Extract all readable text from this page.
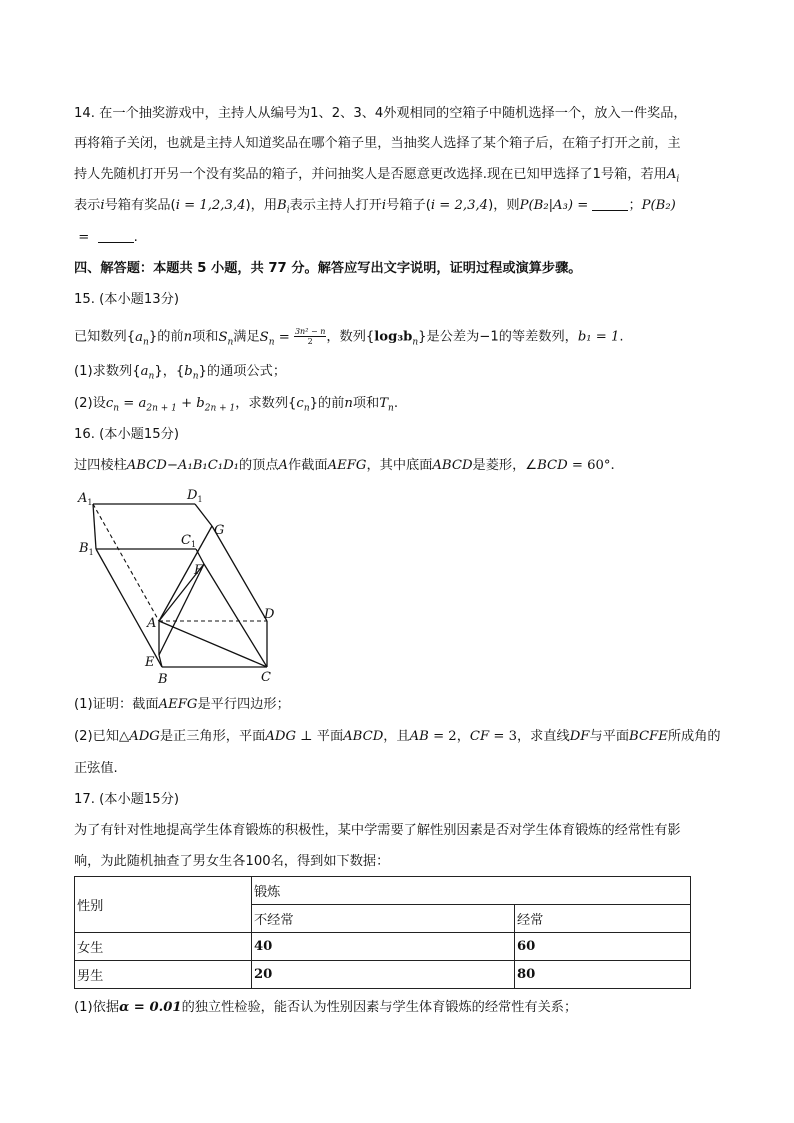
14. 在一个抽奖游戏中，主持人从编号为1、2、3、4外观相同的空箱子中随机选择一个，放入一件奖品，
再将箱子关闭，也就是主持人知道奖品在哪个箱子里，当抽奖人选择了某个箱子后，在箱子打开之前，主
持人先随机打开另一个没有奖品的箱子，并问抽奖人是否愿意更改选择.现在已知甲选择了1号箱，若用$A_i$
表示i号箱有奖品(i = 1,2,3,4)，用$B_i$表示主持人打开i号箱子(i = 2,3,4)，则P(B₂|A₃) =	；P(B₂)
=	.
四、解答题：本题共 5 小题，共 77 分。解答应写出文字说明，证明过程或演算步骤。
15. (本小题13分)
已知数列$\{a_n\}$的前n项和$S_n$满足$S_n = \frac{\text{3n² − n}}{2}$ ，数列$\{\log_3b_n\}$是公差为−1的等差数列，b₁ = 1.
(1)求数列$\{a_n\}$，$\{b_n\}$的通项公式；
(2)设$c_n = a_{2n + 1} + b_{2n + 1}$，求数列$\{c_n\}$的前n项和$T_n$.
16. (本小题15分)
过四棱柱ABCD−A₁B₁C₁D₁的顶点A作截面AEFG，其中底面ABCD是菱形，∠BCD = 60°.
$A_1$	$D_1$
$B_1$
$C_1$
G
F
D
A
E
B	C
(1)证明：截面AEFG是平行四边形；
(2)已知△ADG是正三角形，平面ADG ⊥ 平面ABCD，且AB = 2，CF = 3，求直线DF与平面BCFE所成角的
正弦值.
17. (本小题15分)
为了有针对性地提高学生体育锻炼的积极性，某中学需要了解性别因素是否对学生体育锻炼的经常性有影
响，为此随机抽查了男女生各100名，得到如下数据：
性别	锻炼	
	不经常	经常
女生	40	60
男生	20	80
(1)依据α = 0.01的独立性检验，能否认为性别因素与学生体育锻炼的经常性有关系；
